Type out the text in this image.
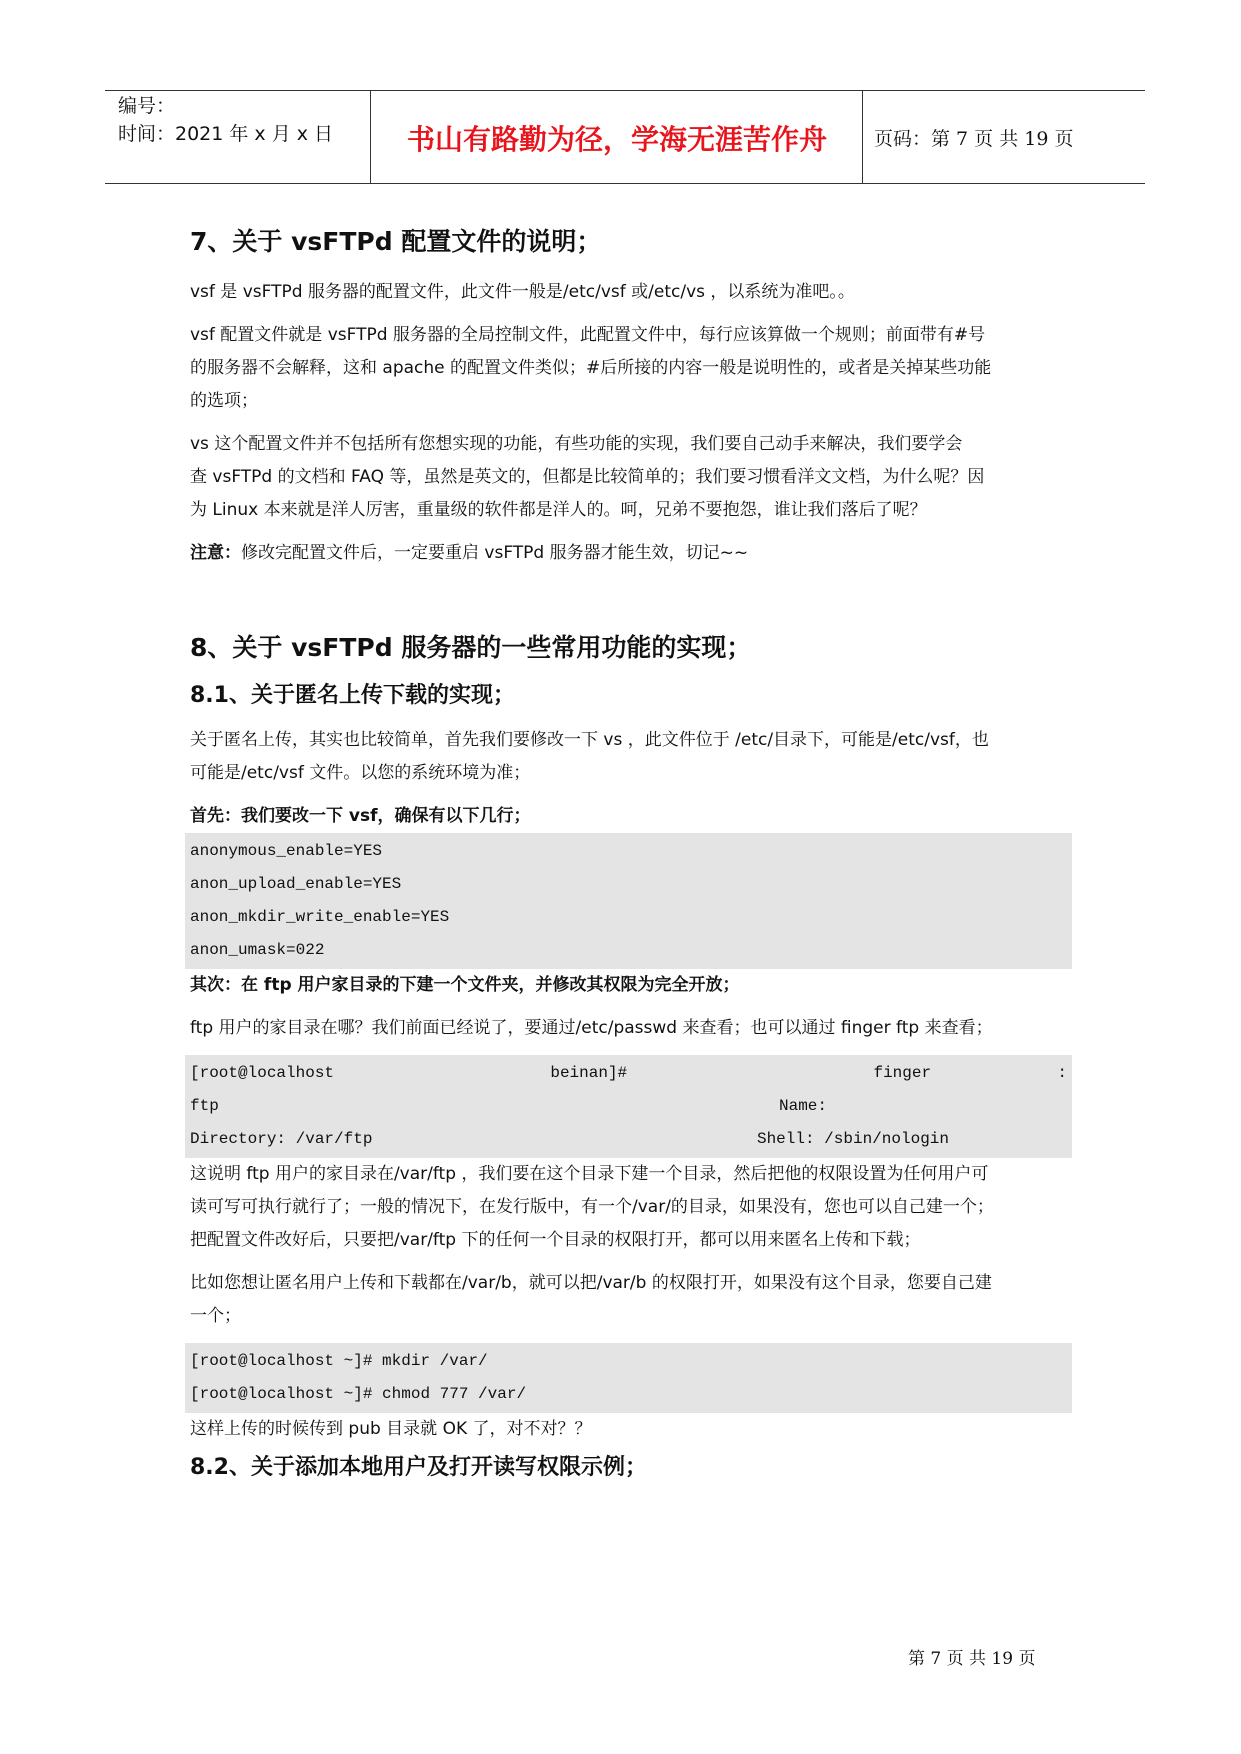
编号：
时间：2021 年 x 月 x 日	书山有路勤为径，学海无涯苦作舟	页码：第 7 页 共 19 页
7、关于 vsFTPd 配置文件的说明；

vsf 是 vsFTPd 服务器的配置文件，此文件一般是/etc/vsf 或/etc/vs ，以系统为准吧。。

vsf 配置文件就是 vsFTPd 服务器的全局控制文件，此配置文件中，每行应该算做一个规则；前面带有#号

的服务器不会解释，这和 apache 的配置文件类似；#后所接的内容一般是说明性的，或者是关掉某些功能

的选项；

vs 这个配置文件并不包括所有您想实现的功能，有些功能的实现，我们要自己动手来解决，我们要学会

查 vsFTPd 的文档和 FAQ 等，虽然是英文的，但都是比较简单的；我们要习惯看洋文文档，为什么呢？因

为 Linux 本来就是洋人厉害，重量级的软件都是洋人的。呵，兄弟不要抱怨，谁让我们落后了呢？

注意：修改完配置文件后，一定要重启 vsFTPd 服务器才能生效，切记~~

8、关于 vsFTPd 服务器的一些常用功能的实现；
8.1、关于匿名上传下载的实现；

关于匿名上传，其实也比较简单，首先我们要修改一下 vs ，此文件位于 /etc/目录下，可能是/etc/vsf，也

可能是/etc/vsf 文件。以您的系统环境为准；

首先：我们要改一下 vsf，确保有以下几行；

anonymous_enable=YES
anon_upload_enable=YES
anon_mkdir_write_enable=YES
anon_umask=022

其次：在 ftp 用户家目录的下建一个文件夹，并修改其权限为完全开放；

ftp 用户的家目录在哪？我们前面已经说了，要通过/etc/passwd 来查看；也可以通过 finger ftp 来查看；

[root@localhost	beinan]#	finger	:
ftp	Name:
Directory: /var/ftp	Shell: /sbin/nologin

这说明 ftp 用户的家目录在/var/ftp ，我们要在这个目录下建一个目录，然后把他的权限设置为任何用户可

读可写可执行就行了；一般的情况下，在发行版中，有一个/var/的目录，如果没有，您也可以自己建一个；

把配置文件改好后，只要把/var/ftp 下的任何一个目录的权限打开，都可以用来匿名上传和下载；

比如您想让匿名用户上传和下载都在/var/b，就可以把/var/b 的权限打开，如果没有这个目录，您要自己建

一个；

[root@localhost ~]# mkdir /var/
[root@localhost ~]# chmod 777 /var/

这样上传的时候传到 pub 目录就 OK 了，对不对？？

8.2、关于添加本地用户及打开读写权限示例；
第 7 页 共 19 页
